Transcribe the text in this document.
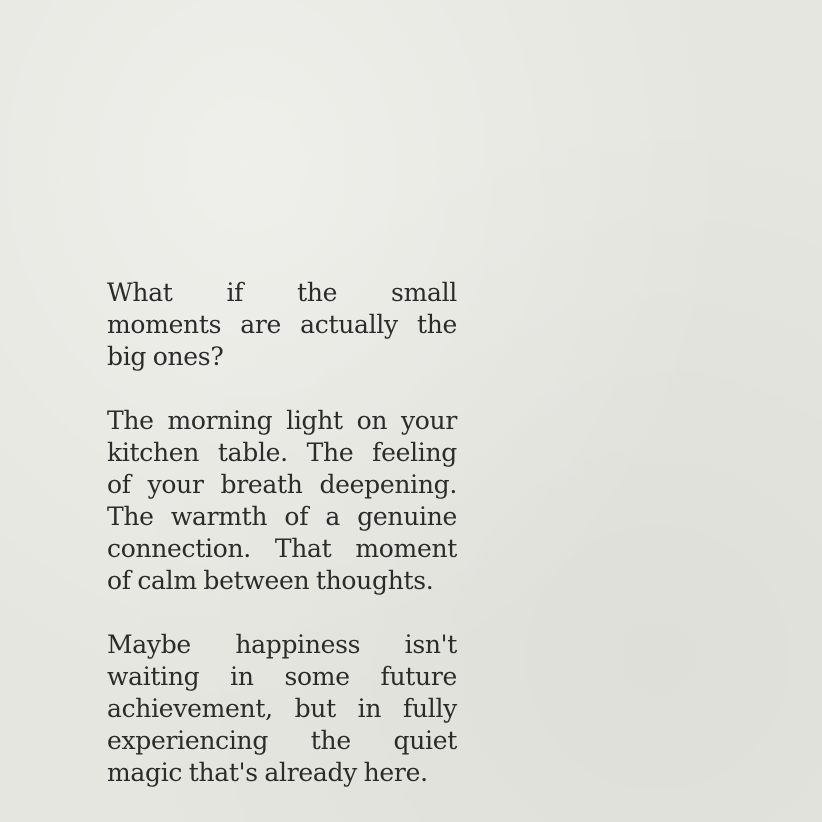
What if the small
moments are actually the
big ones?

The morning light on your
kitchen table. The feeling
of your breath deepening.
The warmth of a genuine
connection. That moment
of calm between thoughts.

Maybe happiness isn't
waiting in some future
achievement, but in fully
experiencing the quiet
magic that's already here.
